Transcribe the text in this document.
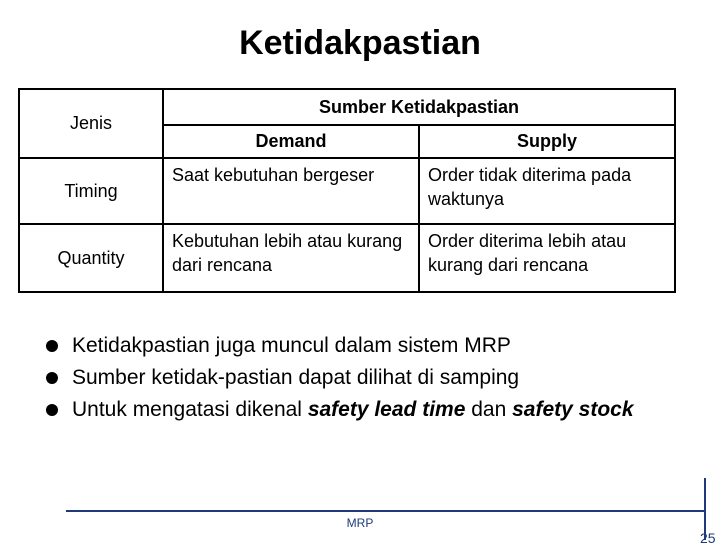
Ketidakpastian
Jenis	Sumber Ketidakpastian	
	Demand	Supply
Timing	Saat kebutuhan bergeser	Order tidak diterima pada waktunya

Quantity	Kebutuhan lebih atau kurang dari rencana	Order diterima lebih atau kurang dari rencana
Ketidakpastian juga muncul dalam sistem MRP
Sumber ketidak-pastian dapat dilihat di samping
Untuk mengatasi dikenal safety lead time dan safety stock
MRP
25
